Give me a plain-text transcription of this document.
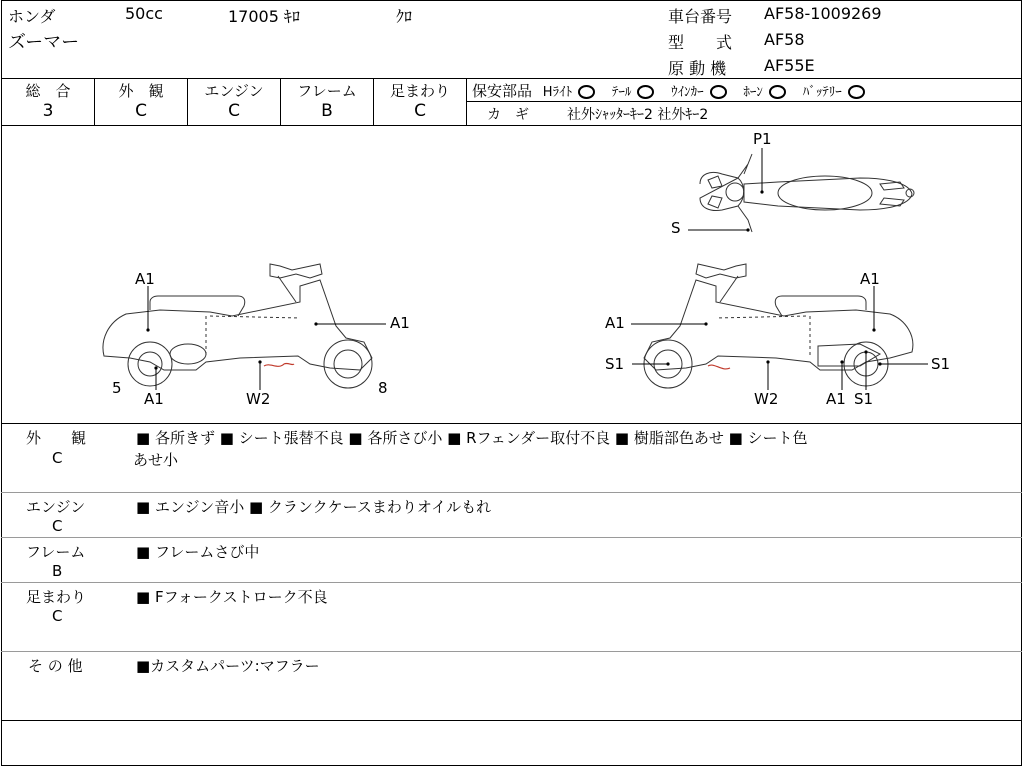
ホンダ	50cc	17005 ｷﾛ	ｸﾛ
ズーマー
車台番号 AF58-1009269
型　　式 AF58
原 動 機 AF55E
総　合
3
外　観
C
エンジン
C
フレーム
B
足まわり
C
保安部品 Hﾗｲﾄ	ﾃｰﾙ	ｳｲﾝｶｰ	ﾎｰﾝ	ﾊﾞｯﾃﾘｰ
カ　ギ	社外ｼｬｯﾀｰｷｰ2 社外ｷｰ2
P1
S
A1
A1
5
A1	W2
8
A1
A1
S1	S1
W2	A1 S1
外　　観
C
■ 各所きず ■ シート張替不良 ■ 各所さび小 ■ Rフェンダー取付不良 ■ 樹脂部色あせ ■ シート色
あせ小
エンジン
C
■ エンジン音小 ■ クランクケースまわりオイルもれ
フレーム
B
■ フレームさび中
足まわり
C
■ Fフォークストローク不良
そ の 他	■カスタムパーツ:マフラー
